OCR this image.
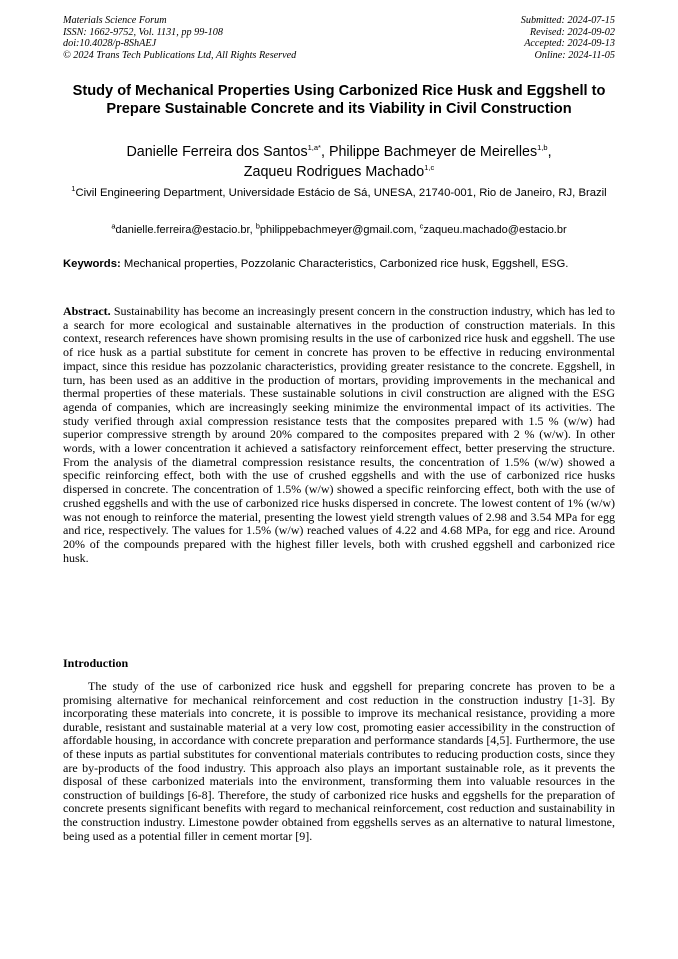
Materials Science Forum
ISSN: 1662-9752, Vol. 1131, pp 99-108
doi:10.4028/p-8ShAEJ
© 2024 Trans Tech Publications Ltd, All Rights Reserved
Submitted: 2024-07-15
Revised: 2024-09-02
Accepted: 2024-09-13
Online: 2024-11-05
Study of Mechanical Properties Using Carbonized Rice Husk and Eggshell to Prepare Sustainable Concrete and its Viability in Civil Construction
Danielle Ferreira dos Santos$^{1,a*}$, Philippe Bachmeyer de Meirelles$^{1,b}$,
Zaqueu Rodrigues Machado$^{1,c}$
$^1$Civil Engineering Department, Universidade Estácio de Sá, UNESA, 21740-001, Rio de Janeiro, RJ, Brazil
$^a$danielle.ferreira@estacio.br, $^b$philippebachmeyer@gmail.com, $^c$zaqueu.machado@estacio.br
Keywords: Mechanical properties, Pozzolanic Characteristics, Carbonized rice husk, Eggshell, ESG.
Abstract. Sustainability has become an increasingly present concern in the construction industry, which has led to a search for more ecological and sustainable alternatives in the production of construction materials. In this context, research references have shown promising results in the use of carbonized rice husk and eggshell. The use of rice husk as a partial substitute for cement in concrete has proven to be effective in reducing environmental impact, since this residue has pozzolanic characteristics, providing greater resistance to the concrete. Eggshell, in turn, has been used as an additive in the production of mortars, providing improvements in the mechanical and thermal properties of these materials. These sustainable solutions in civil construction are aligned with the ESG agenda of companies, which are increasingly seeking minimize the environmental impact of its activities. The study verified through axial compression resistance tests that the composites prepared with 1.5 % (w/w) had superior compressive strength by around 20% compared to the composites prepared with 2 % (w/w). In other words, with a lower concentration it achieved a satisfactory reinforcement effect, better preserving the structure. From the analysis of the diametral compression resistance results, the concentration of 1.5% (w/w) showed a specific reinforcing effect, both with the use of crushed eggshells and with the use of carbonized rice husks dispersed in concrete. The concentration of 1.5% (w/w) showed a specific reinforcing effect, both with the use of crushed eggshells and with the use of carbonized rice husks dispersed in concrete. The lowest content of 1% (w/w) was not enough to reinforce the material, presenting the lowest yield strength values of 2.98 and 3.54 MPa for egg and rice, respectively. The values for 1.5% (w/w) reached values of 4.22 and 4.68 MPa, for egg and rice. Around 20% of the compounds prepared with the highest filler levels, both with crushed eggshell and carbonized rice husk.
Introduction
The study of the use of carbonized rice husk and eggshell for preparing concrete has proven to be a promising alternative for mechanical reinforcement and cost reduction in the construction industry [1-3]. By incorporating these materials into concrete, it is possible to improve its mechanical resistance, providing a more durable, resistant and sustainable material at a very low cost, promoting easier accessibility in the construction of affordable housing, in accordance with concrete preparation and performance standards [4,5]. Furthermore, the use of these inputs as partial substitutes for conventional materials contributes to reducing production costs, since they are by-products of the food industry. This approach also plays an important sustainable role, as it prevents the disposal of these carbonized materials into the environment, transforming them into valuable resources in the construction of buildings [6-8]. Therefore, the study of carbonized rice husks and eggshells for the preparation of concrete presents significant benefits with regard to mechanical reinforcement, cost reduction and sustainability in the construction industry. Limestone powder obtained from eggshells serves as an alternative to natural limestone, being used as a potential filler in cement mortar [9].
